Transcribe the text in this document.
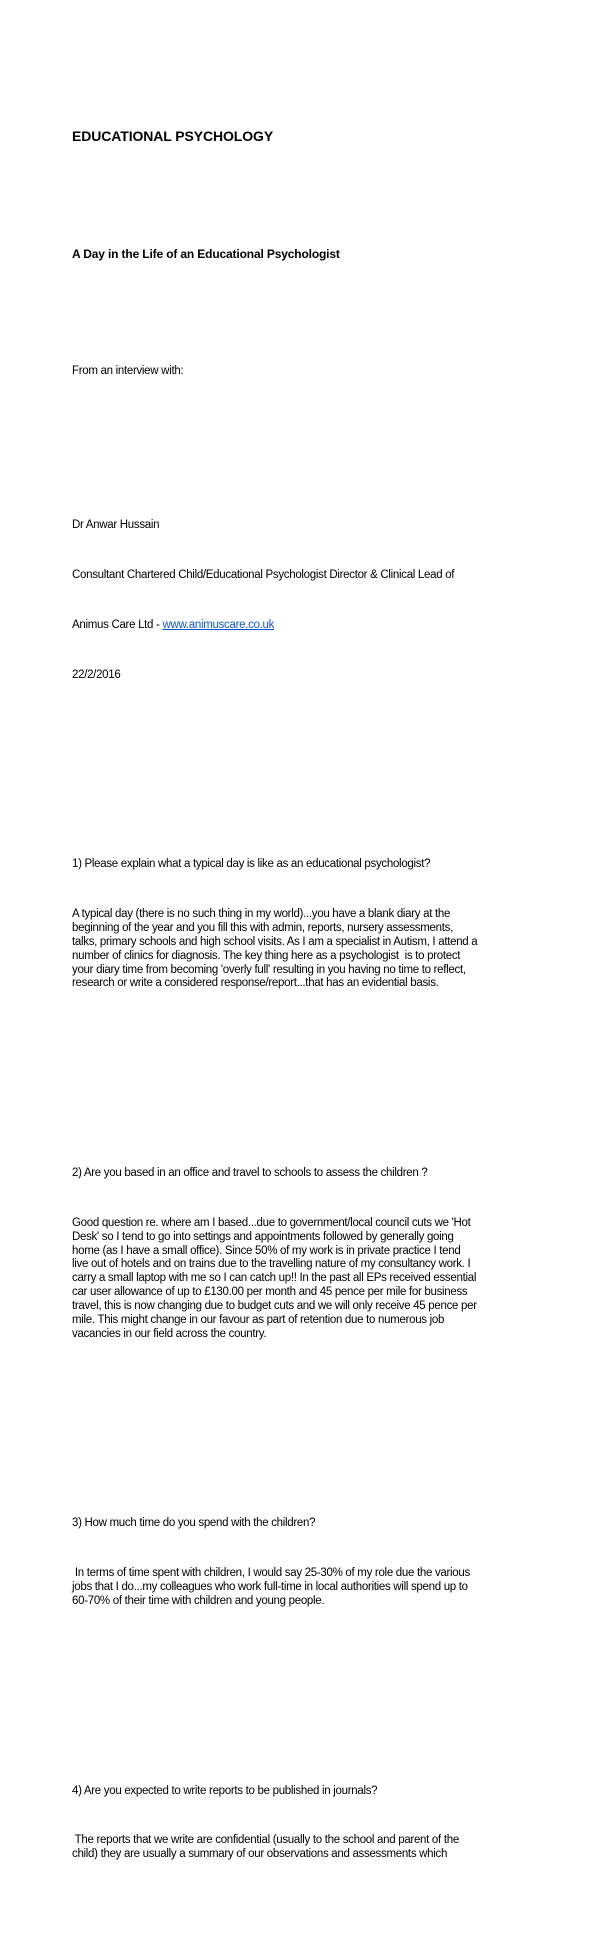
EDUCATIONAL PSYCHOLOGY

A Day in the Life of an Educational Psychologist

From an interview with:

Dr Anwar Hussain

Consultant Chartered Child/Educational Psychologist Director & Clinical Lead of

Animus Care Ltd - www.animuscare.co.uk

22/2/2016

1) Please explain what a typical day is like as an educational psychologist?

A typical day (there is no such thing in my world)...you have a blank diary at the
beginning of the year and you fill this with admin, reports, nursery assessments,
talks, primary schools and high school visits. As I am a specialist in Autism, I attend a
number of clinics for diagnosis. The key thing here as a psychologist  is to protect
your diary time from becoming 'overly full' resulting in you having no time to reflect,
research or write a considered response/report...that has an evidential basis.

2) Are you based in an office and travel to schools to assess the children ?

Good question re. where am I based...due to government/local council cuts we 'Hot
Desk' so I tend to go into settings and appointments followed by generally going
home (as I have a small office). Since 50% of my work is in private practice I tend
live out of hotels and on trains due to the travelling nature of my consultancy work. I
carry a small laptop with me so I can catch up!! In the past all EPs received essential
car user allowance of up to £130.00 per month and 45 pence per mile for business
travel, this is now changing due to budget cuts and we will only receive 45 pence per
mile. This might change in our favour as part of retention due to numerous job
vacancies in our field across the country.

3) How much time do you spend with the children?

In terms of time spent with children, I would say 25-30% of my role due the various
jobs that I do...my colleagues who work full-time in local authorities will spend up to
60-70% of their time with children and young people.

4) Are you expected to write reports to be published in journals?

The reports that we write are confidential (usually to the school and parent of the
child) they are usually a summary of our observations and assessments which
